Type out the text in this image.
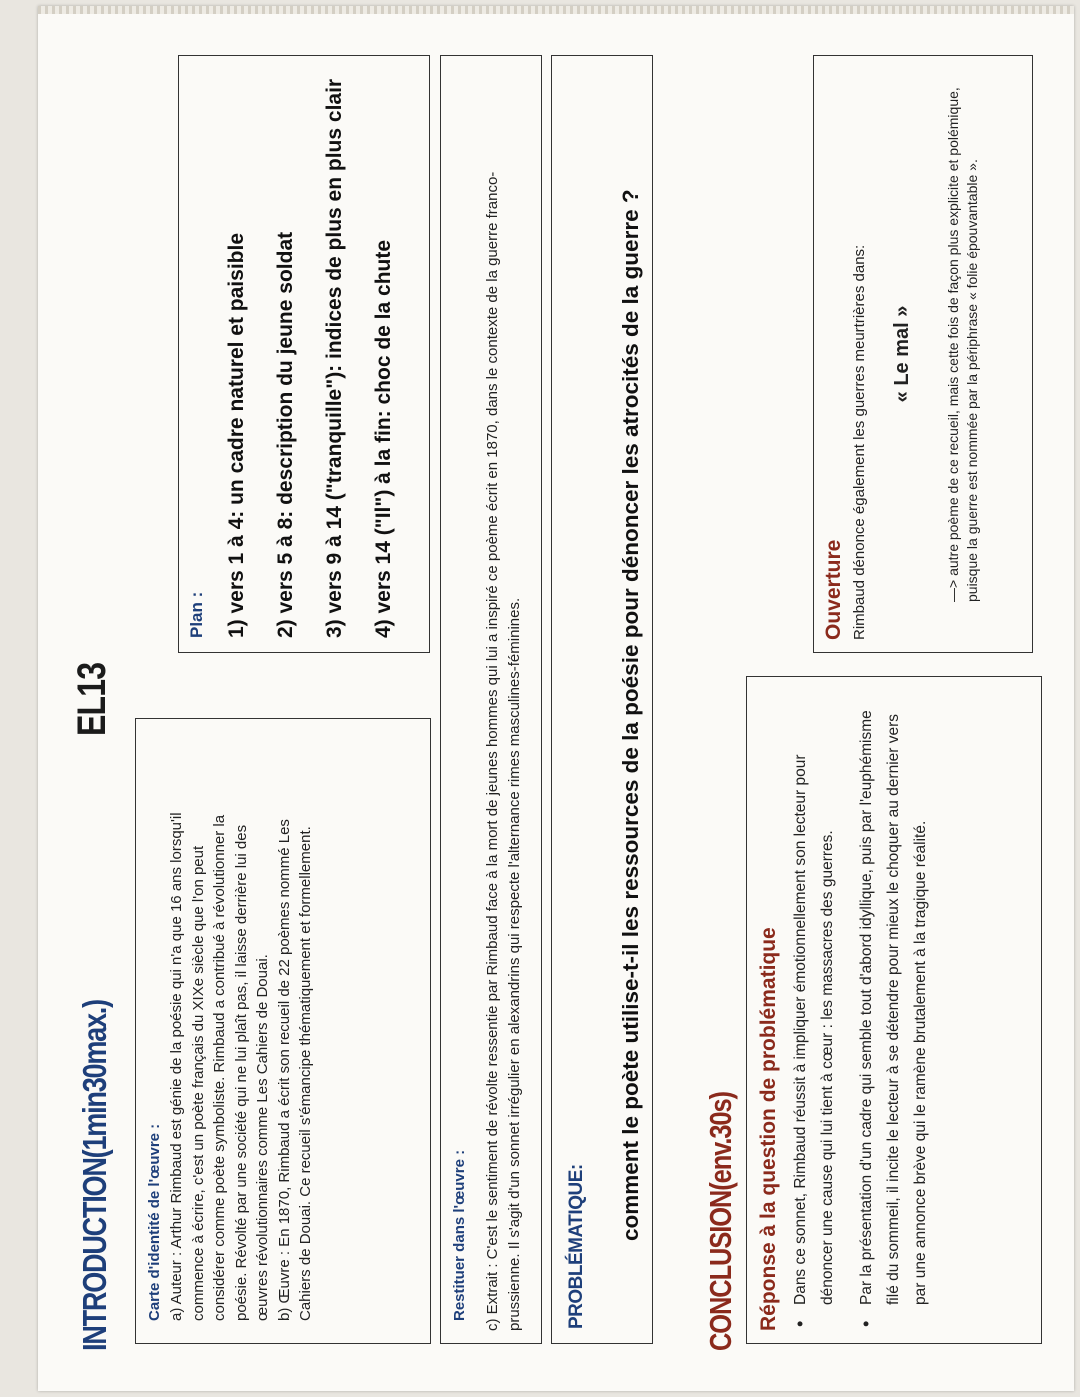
INTRODUCTION(1min30max.)
EL13
Carte d'identité de l'œuvre : a) Auteur : Arthur Rimbaud est génie de la poésie qui n'a que 16 ans lorsqu'il commence à écrire, c'est un poète français du XIXe siècle que l'on peut considérer comme poète symboliste. Rimbaud a contribué à révolutionner la poésie. Révolté par une société qui ne lui plaît pas, il laisse derrière lui des œuvres révolutionnaires comme Les Cahiers de Douai. b) Œuvre : En 1870, Rimbaud a écrit son recueil de 22 poèmes nommé Les Cahiers de Douai. Ce recueil s'émancipe thématiquement et formellement.
Plan : 1) vers 1 à 4: un cadre naturel et paisible 2) vers 5 à 8: description du jeune soldat 3) vers 9 à 14 ("tranquille"): indices de plus en plus clair 4) vers 14 ("Il") à la fin: choc de la chute
Restituer dans l'œuvre : c) Extrait : C'est le sentiment de révolte ressentie par Rimbaud face à la mort de jeunes hommes qui lui a inspiré ce poème écrit en 1870, dans le contexte de la guerre franco- prussienne. Il s'agit d'un sonnet irrégulier en alexandrins qui respecte l'alternance rimes masculines-féminines. PROBLÉMATIQUE:
comment le poète utilise-t-il les ressources de la poésie pour dénoncer les atrocités de la guerre ? CONCLUSION(env.30s) Réponse à la question de problématique • Dans ce sonnet, Rimbaud réussit à impliquer émotionnellement son lecteur pour dénoncer une cause qui lui tient à cœur : les massacres des guerres.	• Par la présentation d'un cadre qui semble tout d'abord idyllique, puis par l'euphémisme filé du sommeil, il incite le lecteur à se détendre pour mieux le choquer au dernier vers par une annonce brève qui le ramène brutalement à la tragique réalité.
Ouverture Rimbaud dénonce également les guerres meurtrières dans: « Le mal » —> autre poème de ce recueil, mais cette fois de façon plus explicite et polémique, puisque la guerre est nommée par la périphrase « folie épouvantable ».
